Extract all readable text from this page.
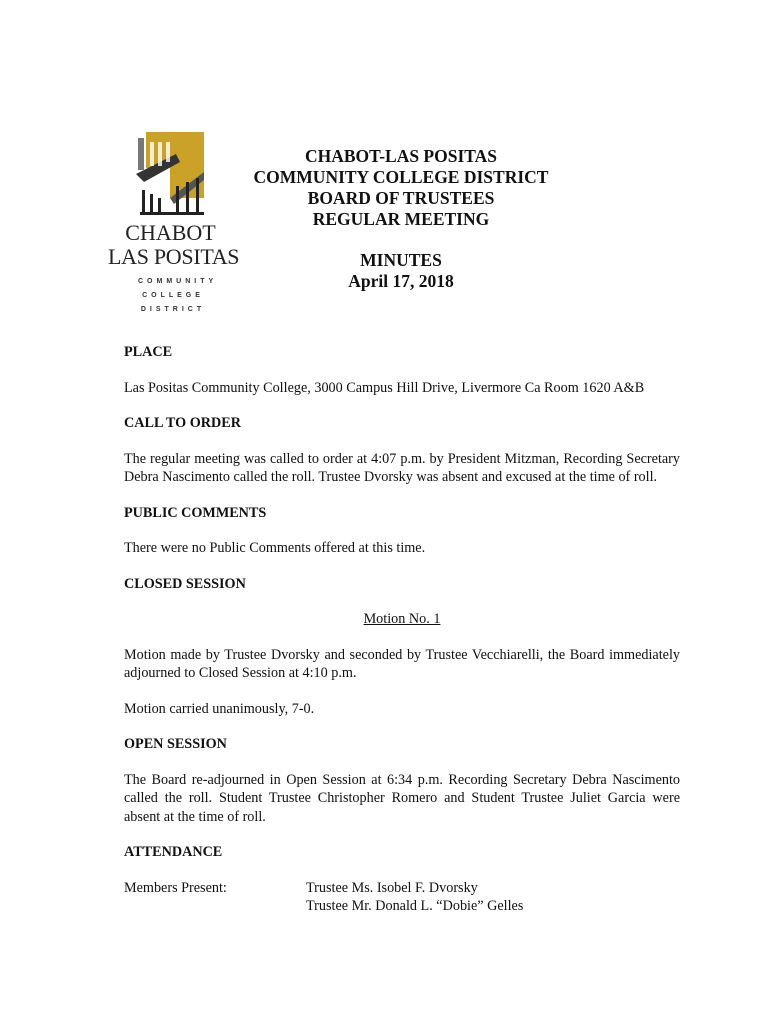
CHABOT
LAS POSITAS
COMMUNITY
COLLEGE
DISTRICT
CHABOT-LAS POSITAS
COMMUNITY COLLEGE DISTRICT
BOARD OF TRUSTEES
REGULAR MEETING
MINUTES
April 17, 2018

PLACE

Las Positas Community College, 3000 Campus Hill Drive, Livermore Ca Room 1620 A&B

CALL TO ORDER

The regular meeting was called to order at 4:07 p.m. by President Mitzman, Recording Secretary Debra Nascimento called the roll. Trustee Dvorsky was absent and excused at the time of roll.

PUBLIC COMMENTS

There were no Public Comments offered at this time.

CLOSED SESSION

Motion No. 1

Motion made by Trustee Dvorsky and seconded by Trustee Vecchiarelli, the Board immediately adjourned to Closed Session at 4:10 p.m.

Motion carried unanimously, 7-0.

OPEN SESSION

The Board re-adjourned in Open Session at 6:34 p.m. Recording Secretary Debra Nascimento called the roll. Student Trustee Christopher Romero and Student Trustee Juliet Garcia were absent at the time of roll.

ATTENDANCE

Members Present:	Trustee Ms. Isobel F. Dvorsky
Trustee Mr. Donald L. “Dobie” Gelles
